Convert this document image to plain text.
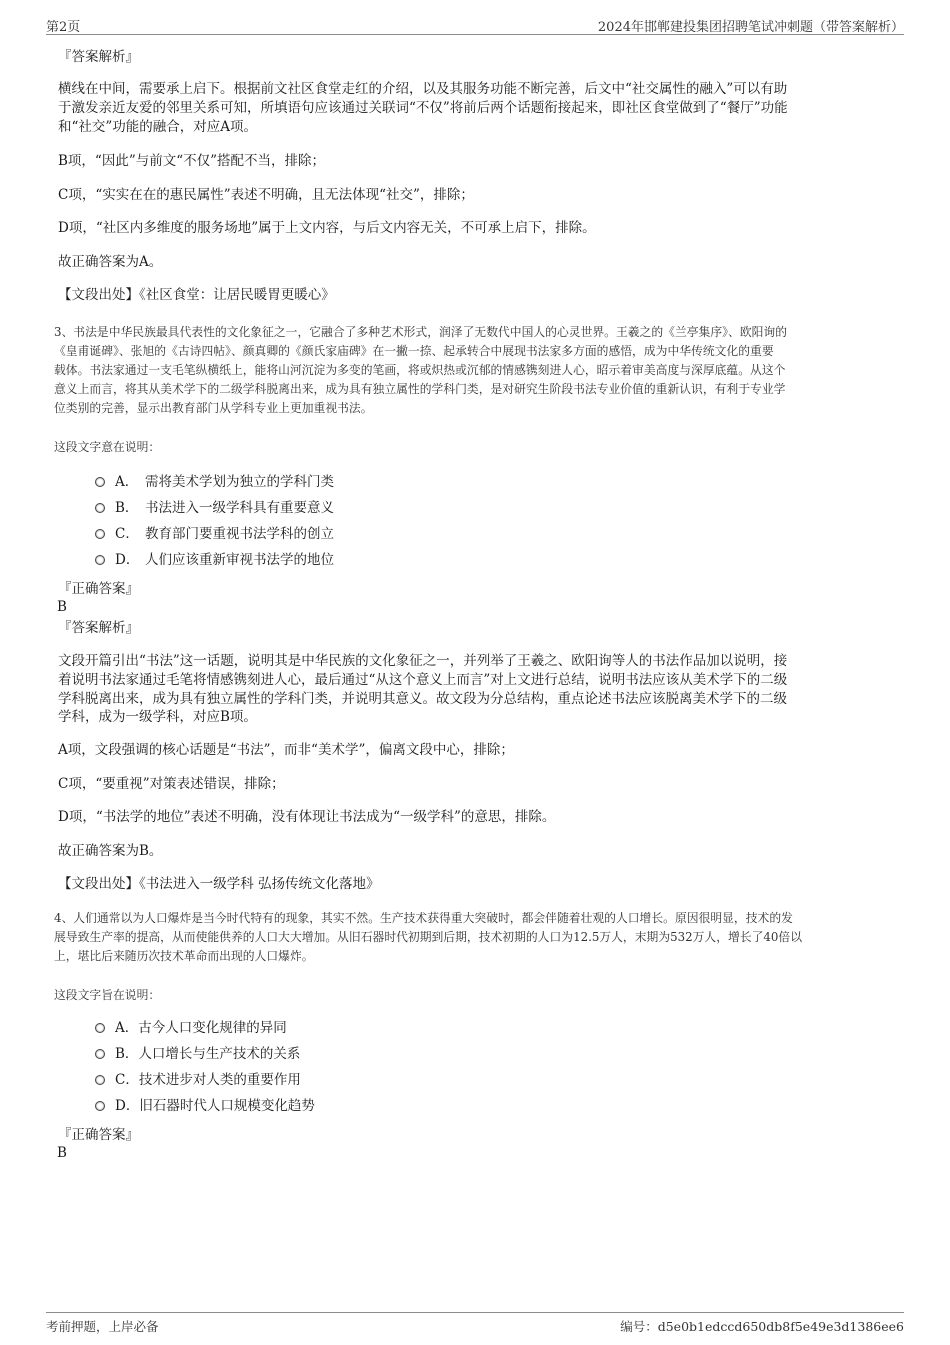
第2页	2024年邯郸建投集团招聘笔试冲刺题（带答案解析）
『答案解析』
横线在中间，需要承上启下。根据前文社区食堂走红的介绍，以及其服务功能不断完善，后文中“社交属性的融入”可以有助
于激发亲近友爱的邻里关系可知，所填语句应该通过关联词“不仅”将前后两个话题衔接起来，即社区食堂做到了“餐厅”功能
和“社交”功能的融合，对应A项。
B项，“因此”与前文“不仅”搭配不当，排除；
C项，“实实在在的惠民属性”表述不明确，且无法体现“社交”，排除；
D项，“社区内多维度的服务场地”属于上文内容，与后文内容无关，不可承上启下，排除。
故正确答案为A。
【文段出处】《社区食堂：让居民暖胃更暖心》
3、书法是中华民族最具代表性的文化象征之一，它融合了多种艺术形式，润泽了无数代中国人的心灵世界。王羲之的《兰亭集序》、欧阳询的
《皇甫诞碑》、张旭的《古诗四帖》、颜真卿的《颜氏家庙碑》在一撇一捺、起承转合中展现书法家多方面的感悟，成为中华传统文化的重要
载体。书法家通过一支毛笔纵横纸上，能将山河沉淀为多变的笔画，将或炽热或沉郁的情感镌刻进人心，昭示着审美高度与深厚底蕴。从这个
意义上而言，将其从美术学下的二级学科脱离出来，成为具有独立属性的学科门类，是对研究生阶段书法专业价值的重新认识，有利于专业学
位类别的完善，显示出教育部门从学科专业上更加重视书法。
这段文字意在说明：
A． 需将美术学划为独立的学科门类
B． 书法进入一级学科具有重要意义
C． 教育部门要重视书法学科的创立
D． 人们应该重新审视书法学的地位
『正确答案』
B
『答案解析』
文段开篇引出“书法”这一话题，说明其是中华民族的文化象征之一，并列举了王羲之、欧阳询等人的书法作品加以说明，接
着说明书法家通过毛笔将情感镌刻进人心，最后通过“从这个意义上而言”对上文进行总结，说明书法应该从美术学下的二级
学科脱离出来，成为具有独立属性的学科门类，并说明其意义。故文段为分总结构，重点论述书法应该脱离美术学下的二级
学科，成为一级学科，对应B项。
A项，文段强调的核心话题是“书法”，而非“美术学”，偏离文段中心，排除；
C项，“要重视”对策表述错误，排除；
D项，“书法学的地位”表述不明确，没有体现让书法成为“一级学科”的意思，排除。
故正确答案为B。
【文段出处】《书法进入一级学科 弘扬传统文化落地》
4、人们通常以为人口爆炸是当今时代特有的现象，其实不然。生产技术获得重大突破时，都会伴随着壮观的人口增长。原因很明显，技术的发
展导致生产率的提高，从而使能供养的人口大大增加。从旧石器时代初期到后期，技术初期的人口为12.5万人，末期为532万人，增长了40倍以
上，堪比后来随历次技术革命而出现的人口爆炸。
这段文字旨在说明：
A．古今人口变化规律的异同
B．人口增长与生产技术的关系
C．技术进步对人类的重要作用
D．旧石器时代人口规模变化趋势
『正确答案』
B
考前押题，上岸必备	编号：d5e0b1edccd650db8f5e49e3d1386ee6
